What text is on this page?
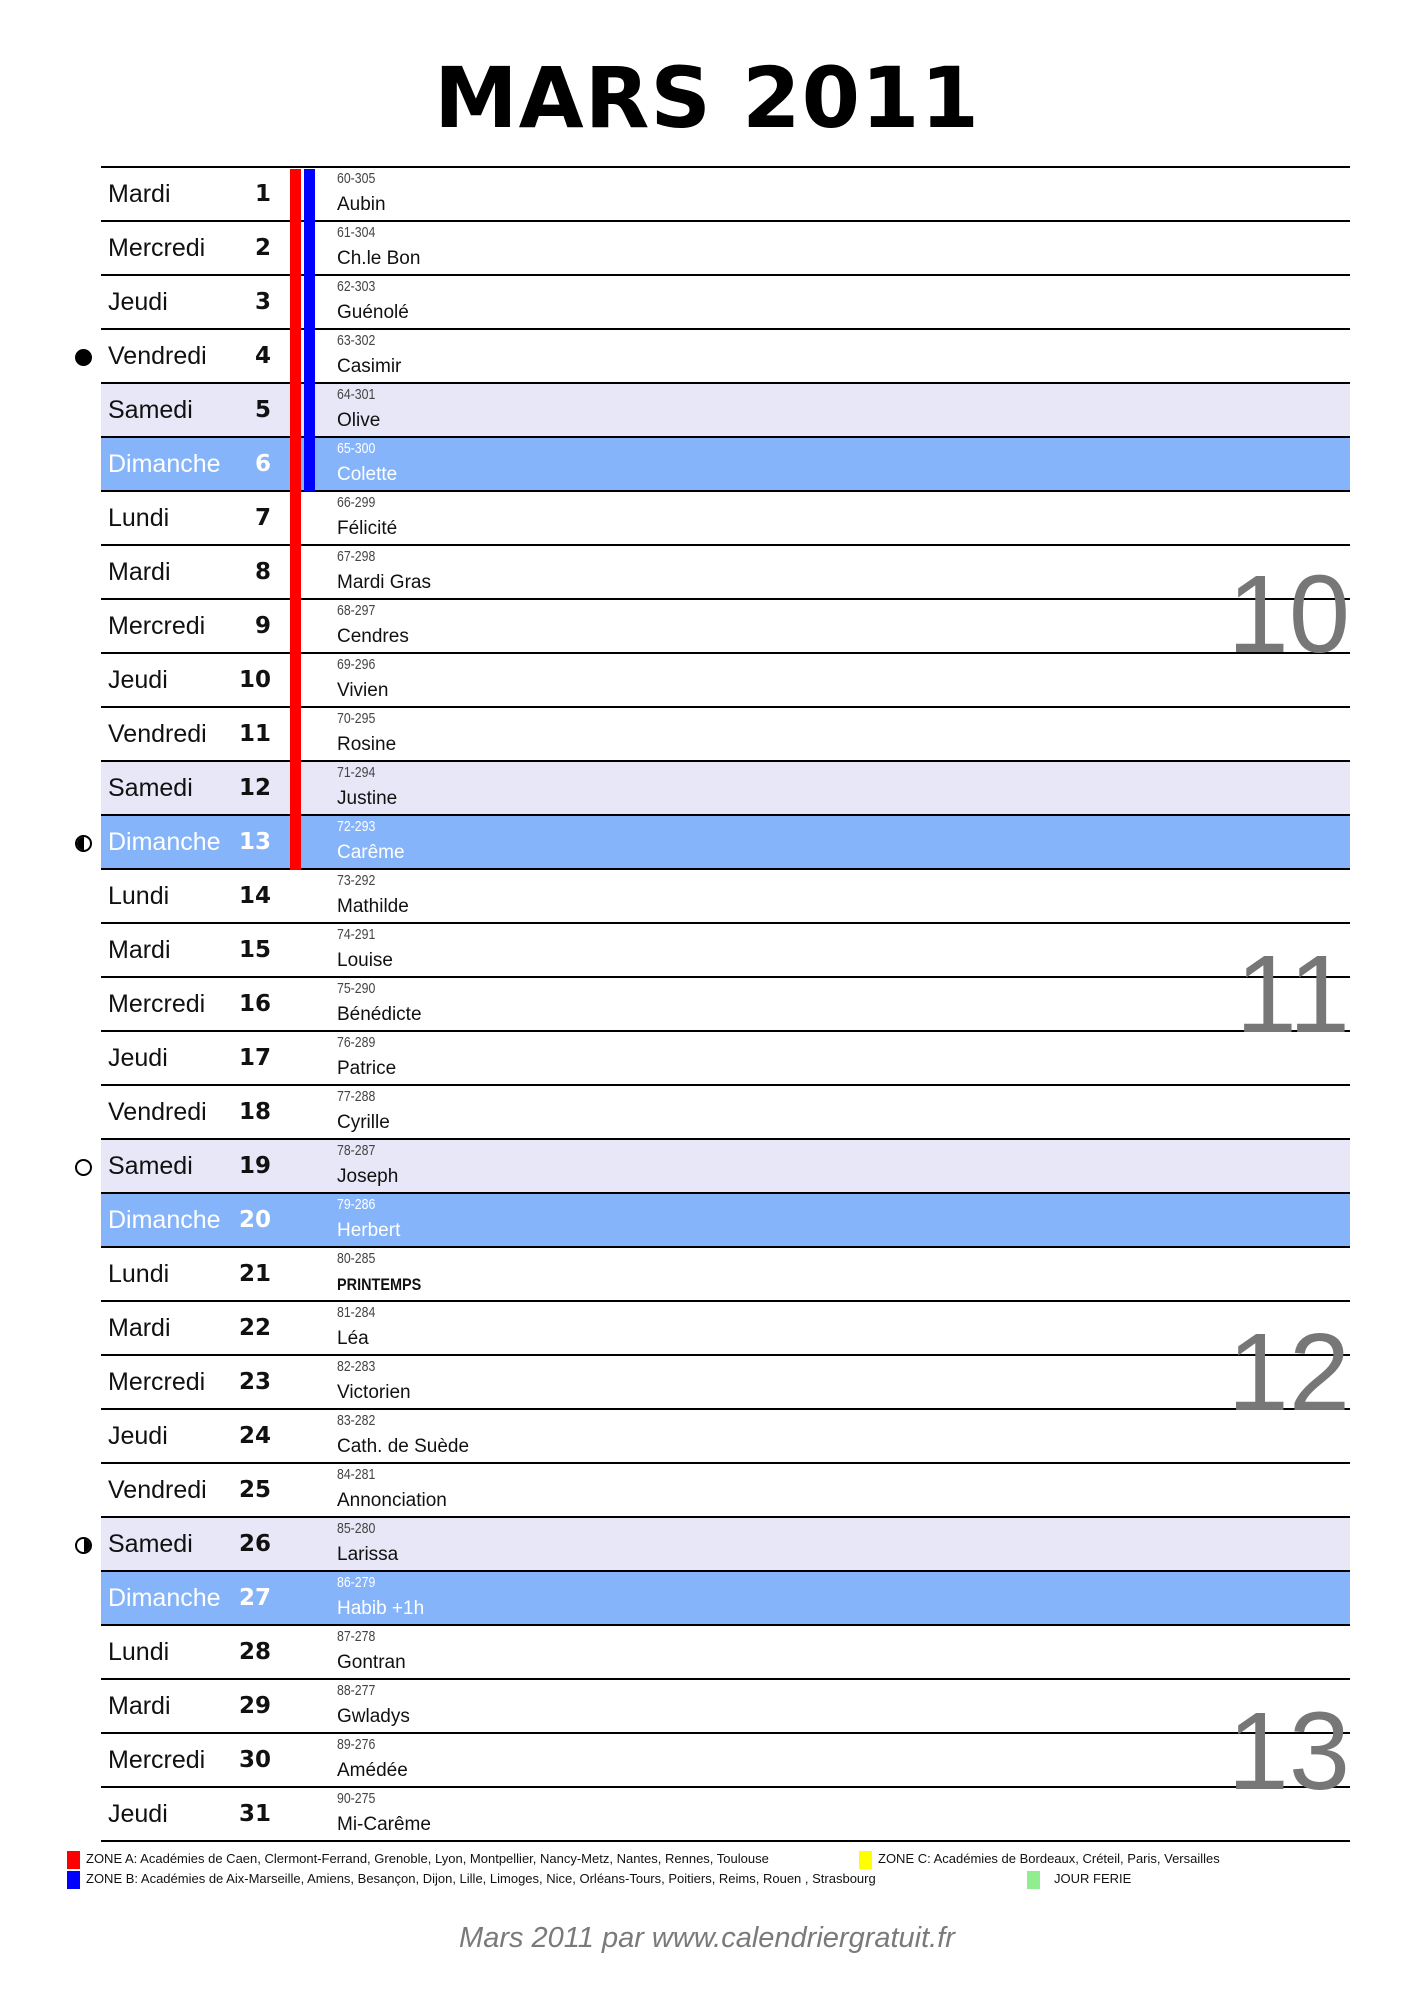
MARS 2011
Mardi	1
60-305
Aubin
Mercredi	2
61-304
Ch.le Bon
Jeudi	3
62-303
Guénolé
Vendredi	4
63-302
Casimir
Samedi	5
64-301
Olive
Dimanche	6
65-300
Colette
Lundi	7
66-299
Félicité
Mardi	8
67-298
Mardi Gras
Mercredi	9
68-297
Cendres
Jeudi	10
69-296
Vivien
Vendredi	11
70-295
Rosine
Samedi	12
71-294
Justine
Dimanche 13
72-293
Carême
Lundi	14
73-292
Mathilde
Mardi	15
74-291
Louise
Mercredi	16
75-290
Bénédicte
Jeudi	17
76-289
Patrice
Vendredi	18
77-288
Cyrille
Samedi	19
78-287
Joseph
Dimanche 20
79-286
Herbert
Lundi	21
80-285
PRINTEMPS
Mardi	22
81-284
Léa
Mercredi	23
82-283
Victorien
Jeudi	24
83-282
Cath. de Suède
Vendredi	25
84-281
Annonciation
Samedi	26
85-280
Larissa
Dimanche 27
86-279
Habib +1h
Lundi	28
87-278
Gontran
Mardi	29
88-277
Gwladys
Mercredi	30
89-276
Amédée
Jeudi	31
90-275
Mi-Carême
10
11
12
13
ZONE A: Académies de Caen, Clermont-Ferrand, Grenoble, Lyon, Montpellier, Nancy-Metz, Nantes, Rennes, Toulouse
ZONE B: Académies de Aix-Marseille, Amiens, Besançon, Dijon, Lille, Limoges, Nice, Orléans-Tours, Poitiers, Reims, Rouen , Strasbourg
ZONE C: Académies de Bordeaux, Créteil, Paris, Versailles
JOUR FERIE
Mars 2011 par www.calendriergratuit.fr
